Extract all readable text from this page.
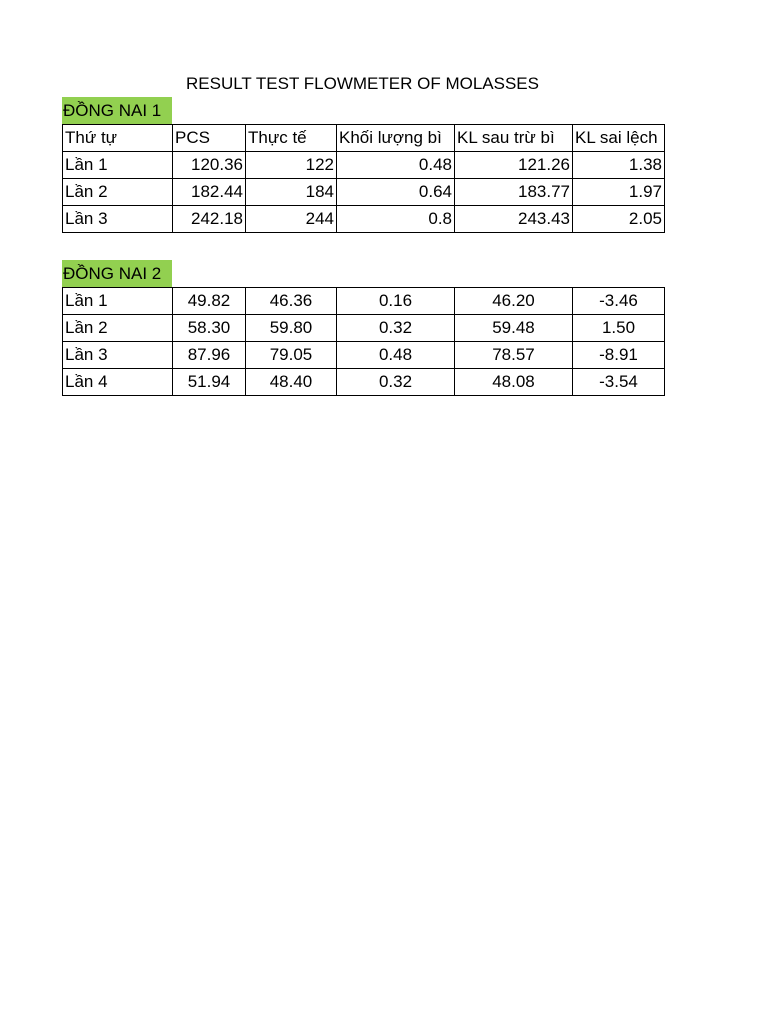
RESULT TEST FLOWMETER OF MOLASSES
ĐỒNG NAI 1
Thứ tự	PCS	Thực tế	Khối lượng bì	KL sau trừ bì	KL sai lệch
Lần 1	120.36	122	0.48	121.26	1.38
Lần 2	182.44	184	0.64	183.77	1.97
Lần 3	242.18	244	0.8	243.43	2.05
ĐỒNG NAI 2
Lần 1	49.82	46.36	0.16	46.20	-3.46
Lần 2	58.30	59.80	0.32	59.48	1.50
Lần 3	87.96	79.05	0.48	78.57	-8.91
Lần 4	51.94	48.40	0.32	48.08	-3.54
